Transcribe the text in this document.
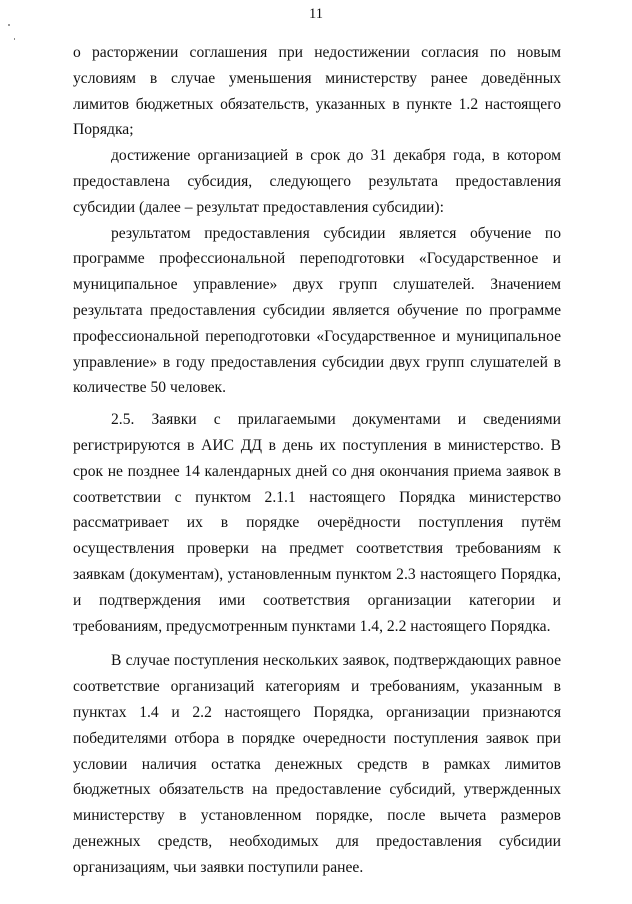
11

о расторжении соглашения при недостижении согласия по новым условиям в случае уменьшения министерству ранее доведённых лимитов бюджетных обязательств, указанных в пункте 1.2 настоящего Порядка;

достижение организацией в срок до 31 декабря года, в котором предоставлена субсидия, следующего результата предоставления субсидии (далее – результат предоставления субсидии):

результатом предоставления субсидии является обучение по программе профессиональной переподготовки «Государственное и муниципальное управление» двух групп слушателей. Значением результата предоставления субсидии является обучение по программе профессиональной переподготовки «Государственное и муниципальное управление» в году предоставления субсидии двух групп слушателей в количестве 50 человек.

2.5. Заявки с прилагаемыми документами и сведениями регистрируются в АИС ДД в день их поступления в министерство. В срок не позднее 14 календарных дней со дня окончания приема заявок в соответствии с пунктом 2.1.1 настоящего Порядка министерство рассматривает их в порядке очерёдности поступления путём осуществления проверки на предмет соответствия требованиям к заявкам (документам), установленным пунктом 2.3 настоящего Порядка, и подтверждения ими соответствия организации категории и требованиям, предусмотренным пунктами 1.4, 2.2 настоящего Порядка.

В случае поступления нескольких заявок, подтверждающих равное соответствие организаций категориям и требованиям, указанным в пунктах 1.4 и 2.2 настоящего Порядка, организации признаются победителями отбора в порядке очередности поступления заявок при условии наличия остатка денежных средств в рамках лимитов бюджетных обязательств на предоставление субсидий, утвержденных министерству в установленном порядке, после вычета размеров денежных средств, необходимых для предоставления субсидии организациям, чьи заявки поступили ранее.
